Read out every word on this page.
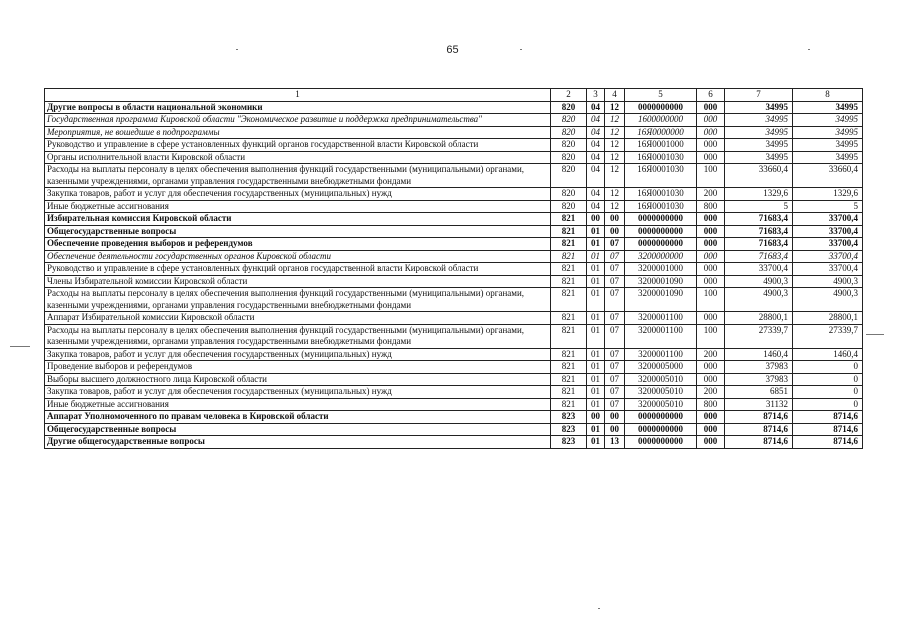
65
1	2	3	4	5	6	7	8
Другие вопросы в области национальной экономики	820	04	12	0000000000	000	34995	34995
Государственная программа Кировской области "Экономическое развитие и поддержка предпринимательства"	820	04	12	1600000000	000	34995	34995
Мероприятия, не вошедшие в подпрограммы	820	04	12	16Я0000000	000	34995	34995
Руководство и управление в сфере установленных функций органов государственной власти Кировской области	820	04	12	16Я0001000	000	34995	34995
Органы исполнительной власти Кировской области	820	04	12	16Я0001030	000	34995	34995
Расходы на выплаты персоналу в целях обеспечения выполнения функций государственными (муниципальными) органами, казенными учреждениями, органами управления государственными внебюджетными фондами	820	04	12	16Я0001030	100	33660,4	33660,4
Закупка товаров, работ и услуг для обеспечения государственных (муниципальных) нужд	820	04	12	16Я0001030	200	1329,6	1329,6
Иные бюджетные ассигнования	820	04	12	16Я0001030	800	5	5
Избирательная комиссия Кировской области	821	00	00	0000000000	000	71683,4	33700,4
Общегосударственные вопросы	821	01	00	0000000000	000	71683,4	33700,4
Обеспечение проведения выборов и референдумов	821	01	07	0000000000	000	71683,4	33700,4
Обеспечение деятельности государственных органов Кировской области	821	01	07	3200000000	000	71683,4	33700,4
Руководство и управление в сфере установленных функций органов государственной власти Кировской области	821	01	07	3200001000	000	33700,4	33700,4
Члены Избирательной комиссии Кировской области	821	01	07	3200001090	000	4900,3	4900,3
Расходы на выплаты персоналу в целях обеспечения выполнения функций государственными (муниципальными) органами, казенными учреждениями, органами управления государственными внебюджетными фондами	821	01	07	3200001090	100	4900,3	4900,3
Аппарат Избирательной комиссии Кировской области	821	01	07	3200001100	000	28800,1	28800,1
Расходы на выплаты персоналу в целях обеспечения выполнения функций государственными (муниципальными) органами, казенными учреждениями, органами управления государственными внебюджетными фондами	821	01	07	3200001100	100	27339,7	27339,7
Закупка товаров, работ и услуг для обеспечения государственных (муниципальных) нужд	821	01	07	3200001100	200	1460,4	1460,4
Проведение выборов и референдумов	821	01	07	3200005000	000	37983	0
Выборы высшего должностного лица Кировской области	821	01	07	3200005010	000	37983	0
Закупка товаров, работ и услуг для обеспечения государственных (муниципальных) нужд	821	01	07	3200005010	200	6851	0
Иные бюджетные ассигнования	821	01	07	3200005010	800	31132	0
Аппарат Уполномоченного по правам человека в Кировской области	823	00	00	0000000000	000	8714,6	8714,6
Общегосударственные вопросы	823	01	00	0000000000	000	8714,6	8714,6
Другие общегосударственные вопросы	823	01	13	0000000000	000	8714,6	8714,6
